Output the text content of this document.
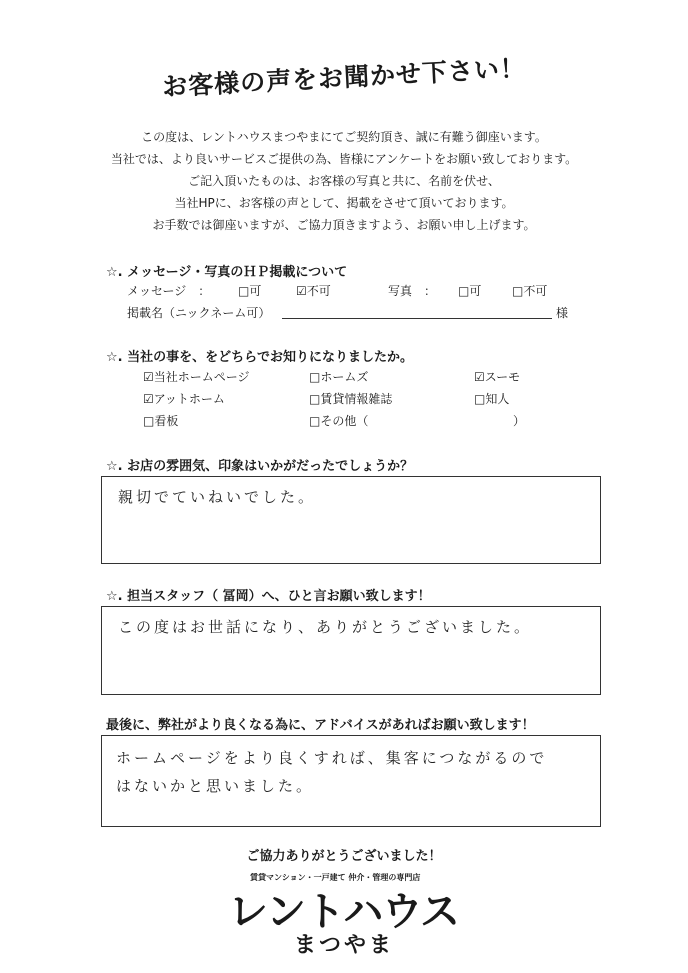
お客様の声をお聞かせ下さい！
この度は、レントハウスまつやまにてご契約頂き、誠に有難う御座います。
当社では、より良いサービスご提供の為、皆様にアンケートをお願い致しております。
ご記入頂いたものは、お客様の写真と共に、名前を伏せ、
当社HPに、お客様の声として、掲載をさせて頂いております。
お手数では御座いますが、ご協力頂きますよう、お願い申し上げます。
☆. メッセージ・写真のＨＰ掲載について
メッセージ　： □可	☑不可	写真　： □可	□不可
掲載名（ニックネーム可）	様
☆. 当社の事を、をどちらでお知りになりましたか。
☑当社ホームページ	□ホームズ	☑スーモ
☑アットホーム	□賃貸情報雑誌	□知人
□看板	□その他（	）
☆. お店の雰囲気、印象はいかがだったでしょうか？
親切でていねいでした。
☆. 担当スタッフ（ 冨岡）へ、ひと言お願い致します！
この度はお世話になり、ありがとうございました。
最後に、弊社がより良くなる為に、アドバイスがあればお願い致します！
ホームページをより良くすれば、集客につながるのではないかと思いました。
ご協力ありがとうございました！
賃貸マンション・一戸建て 仲介・管理の専門店
レントハウス
まつやま
